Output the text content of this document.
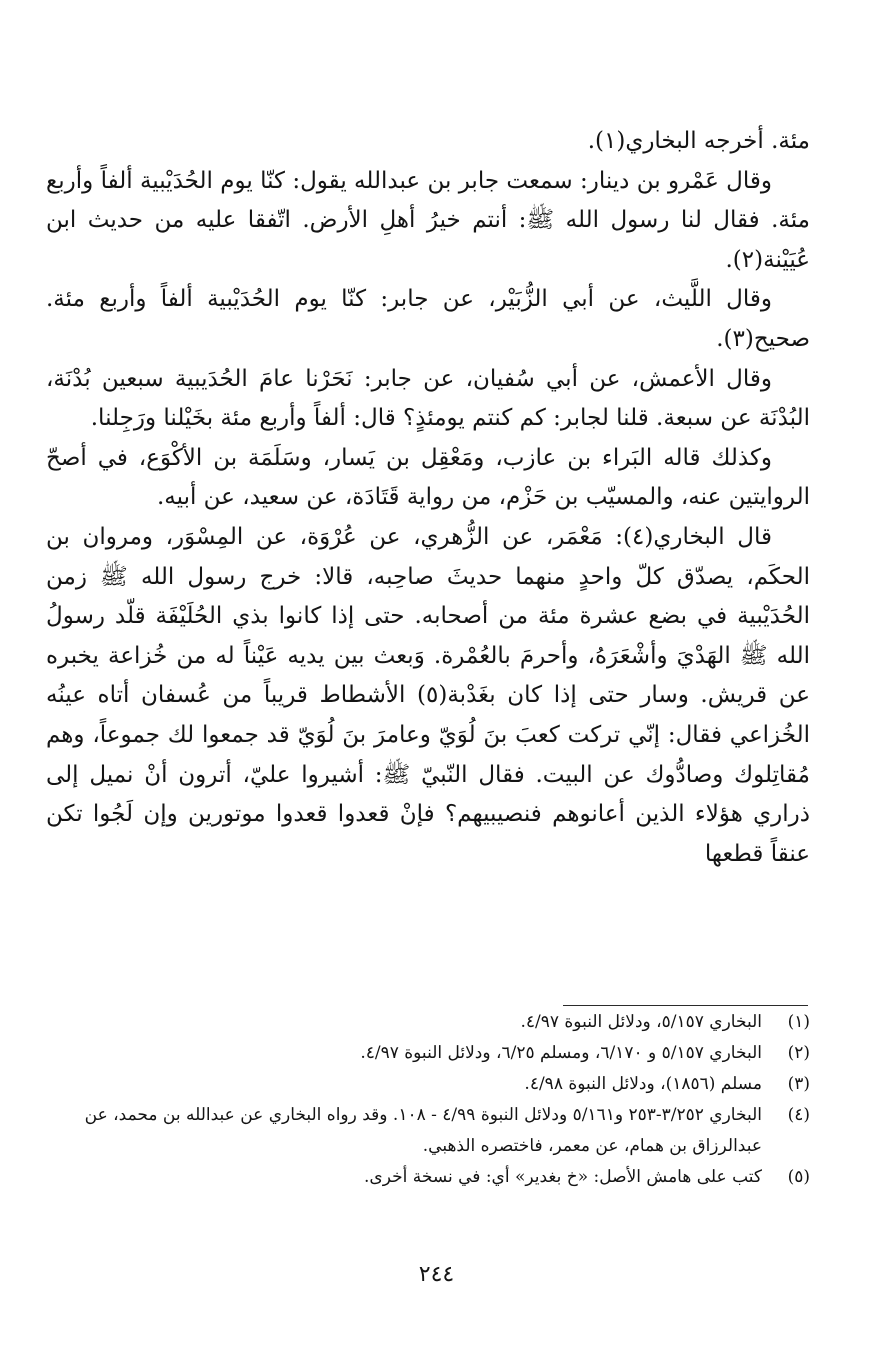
مئة. أخرجه البخاري(١).

وقال عَمْرو بن دينار: سمعت جابر بن عبدالله يقول: كنّا يوم الحُدَيْبية ألفاً وأربع مئة. فقال لنا رسول الله ﷺ: أنتم خيرُ أهلِ الأرض. اتّفقا عليه من حديث ابن عُيَيْنة(٢).

وقال اللَّيث، عن أبي الزُّبَيْر، عن جابر: كنّا يوم الحُدَيْبية ألفاً وأربع مئة. صحيح(٣).

وقال الأعمش، عن أبي سُفيان، عن جابر: نَحَرْنا عامَ الحُدَيبية سبعين بُدْنَة، البُدْنَة عن سبعة. قلنا لجابر: كم كنتم يومئذٍ؟ قال: ألفاً وأربع مئة بخَيْلنا ورَجِلنا.

وكذلك قاله البَراء بن عازب، ومَعْقِل بن يَسار، وسَلَمَة بن الأكْوَع، في أصحّ الروايتين عنه، والمسيّب بن حَزْم، من رواية قَتَادَة، عن سعيد، عن أبيه.

قال البخاري(٤): مَعْمَر، عن الزُّهري، عن عُرْوَة، عن المِسْوَر، ومروان بن الحكَم، يصدّق كلّ واحدٍ منهما حديثَ صاحِبه، قالا: خرج رسول الله ﷺ زمن الحُدَيْبية في بضع عشرة مئة من أصحابه. حتى إذا كانوا بذي الحُلَيْفَة قلّد رسولُ الله ﷺ الهَدْيَ وأشْعَرَهُ، وأحرمَ بالعُمْرة. وَبعث بين يديه عَيْناً له من خُزاعة يخبره عن قريش. وسار حتى إذا كان بغَدْبة(٥) الأشطاط قريباً من عُسفان أتاه عينُه الخُزاعي فقال: إنّي تركت كعبَ بنَ لُوَيّ وعامرَ بنَ لُوَيّ قد جمعوا لك جموعاً، وهم مُقاتِلوك وصادُّوك عن البيت. فقال النّبيّ ﷺ: أشيروا عليّ، أترون أنْ نميل إلى ذراري هؤلاء الذين أعانوهم فنصيبيهم؟ فإنْ قعدوا قعدوا موتورين وإن لَجُوا تكن عنقاً قطعها

(١)
البخاري ٥/١٥٧، ودلائل النبوة ٤/٩٧.
(٢)
البخاري ٥/١٥٧ و ٦/١٧٠، ومسلم ٦/٢٥، ودلائل النبوة ٤/٩٧.
(٣)
مسلم (١٨٥٦)، ودلائل النبوة ٤/٩٨.
(٤)
البخاري ٣/٢٥٢-٢٥٣ و٥/١٦١ ودلائل النبوة ٤/٩٩ - ١٠٨. وقد رواه البخاري عن عبدالله بن محمد، عن عبدالرزاق بن همام، عن معمر، فاختصره الذهبي.
(٥)
كتب على هامش الأصل: «خ بغدير» أي: في نسخة أخرى.
٢٤٤
